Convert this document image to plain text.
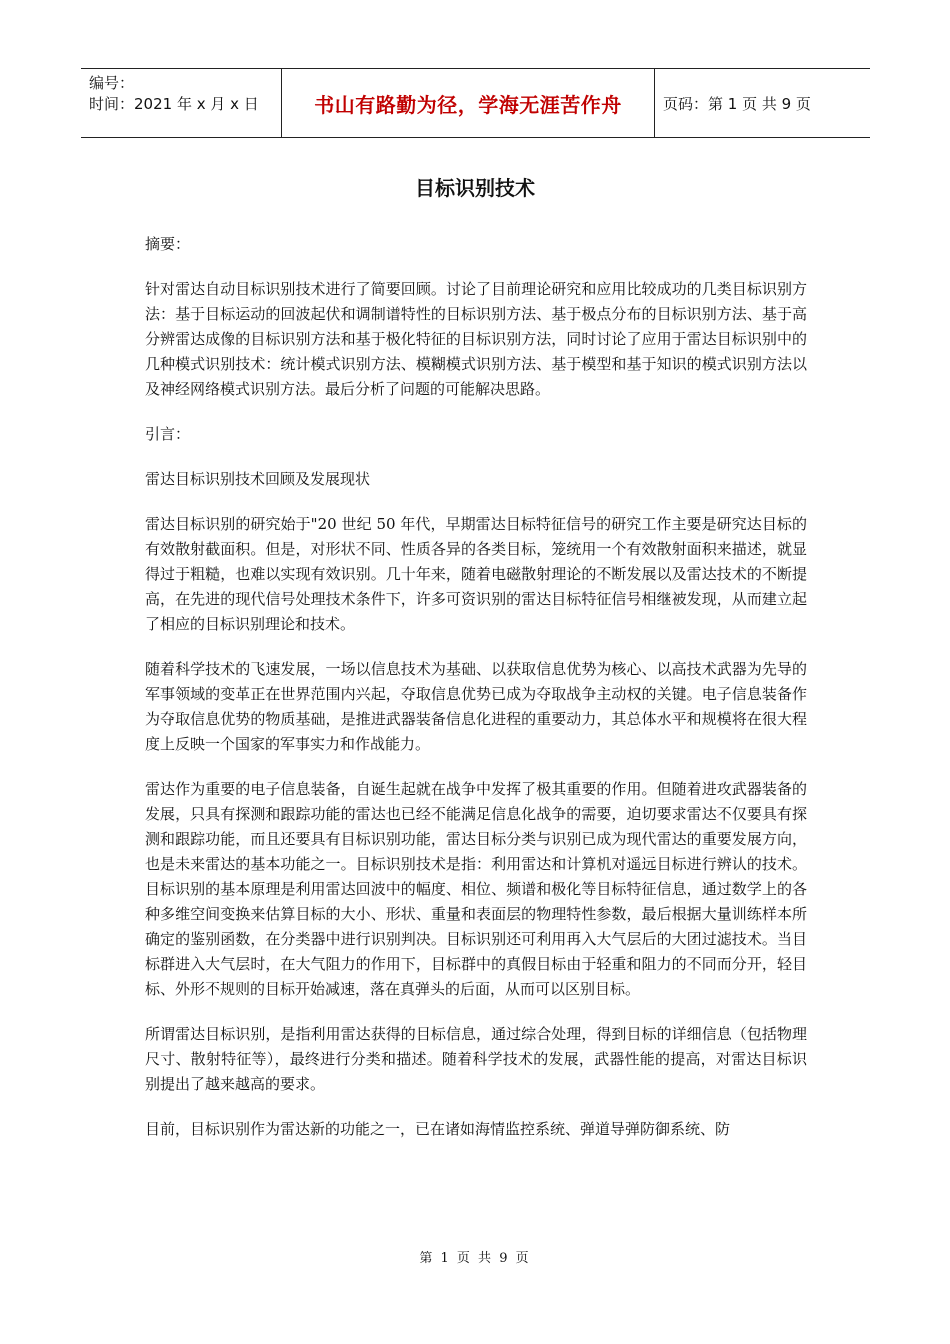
编号：
时间：2021 年 x 月 x 日	书山有路勤为径，学海无涯苦作舟	页码：第 1 页 共 9 页
目标识别技术

摘要：

针对雷达自动目标识别技术进行了简要回顾。讨论了目前理论研究和应用比较成功的几类目标识别方法：基于目标运动的回波起伏和调制谱特性的目标识别方法、基于极点分布的目标识别方法、基于高分辨雷达成像的目标识别方法和基于极化特征的目标识别方法，同时讨论了应用于雷达目标识别中的几种模式识别技术：统计模式识别方法、模糊模式识别方法、基于模型和基于知识的模式识别方法以及神经网络模式识别方法。最后分析了问题的可能解决思路。

引言：

雷达目标识别技术回顾及发展现状

雷达目标识别的研究始于"20 世纪 50 年代，早期雷达目标特征信号的研究工作主要是研究达目标的有效散射截面积。但是，对形状不同、性质各异的各类目标，笼统用一个有效散射面积来描述，就显得过于粗糙，也难以实现有效识别。几十年来，随着电磁散射理论的不断发展以及雷达技术的不断提高，在先进的现代信号处理技术条件下，许多可资识别的雷达目标特征信号相继被发现，从而建立起了相应的目标识别理论和技术。

随着科学技术的飞速发展，一场以信息技术为基础、以获取信息优势为核心、以高技术武器为先导的军事领域的变革正在世界范围内兴起，夺取信息优势已成为夺取战争主动权的关键。电子信息装备作为夺取信息优势的物质基础，是推进武器装备信息化进程的重要动力，其总体水平和规模将在很大程度上反映一个国家的军事实力和作战能力。

雷达作为重要的电子信息装备，自诞生起就在战争中发挥了极其重要的作用。但随着进攻武器装备的发展，只具有探测和跟踪功能的雷达也已经不能满足信息化战争的需要，迫切要求雷达不仅要具有探测和跟踪功能，而且还要具有目标识别功能，雷达目标分类与识别已成为现代雷达的重要发展方向，也是未来雷达的基本功能之一。目标识别技术是指：利用雷达和计算机对遥远目标进行辨认的技术。目标识别的基本原理是利用雷达回波中的幅度、相位、频谱和极化等目标特征信息，通过数学上的各种多维空间变换来估算目标的大小、形状、重量和表面层的物理特性参数，最后根据大量训练样本所确定的鉴别函数，在分类器中进行识别判决。目标识别还可利用再入大气层后的大团过滤技术。当目标群进入大气层时，在大气阻力的作用下，目标群中的真假目标由于轻重和阻力的不同而分开，轻目标、外形不规则的目标开始减速，落在真弹头的后面，从而可以区别目标。

所谓雷达目标识别，是指利用雷达获得的目标信息，通过综合处理，得到目标的详细信息（包括物理尺寸、散射特征等），最终进行分类和描述。随着科学技术的发展，武器性能的提高，对雷达目标识别提出了越来越高的要求。

目前，目标识别作为雷达新的功能之一，已在诸如海情监控系统、弹道导弹防御系统、防

第 1 页 共 9 页
